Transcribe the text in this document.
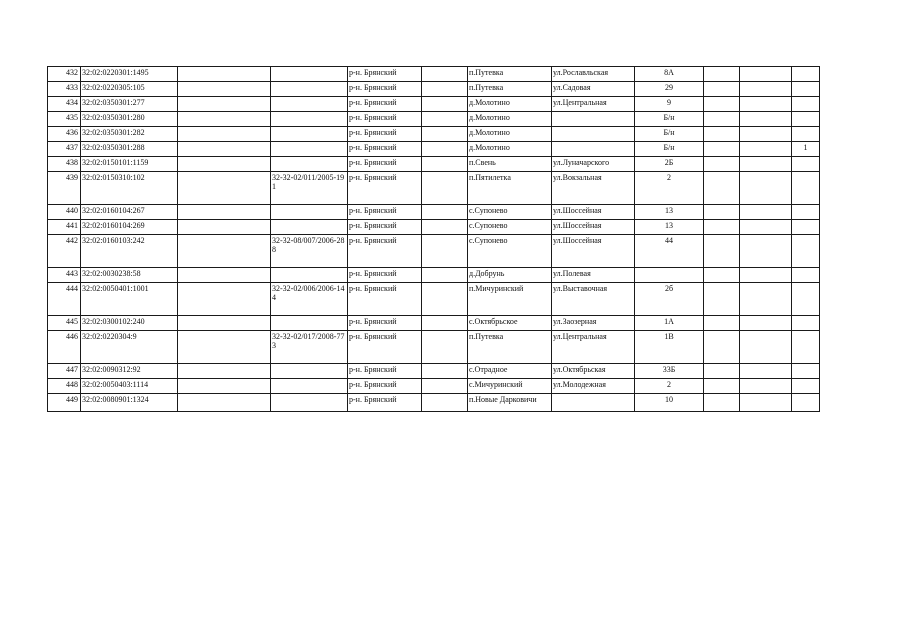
432	32:02:0220301:1495			р-н. Брянский		п.Путевка	ул.Рославльская	8А			
433	32:02:0220305:105			р-н. Брянский		п.Путевка	ул.Садовая	29			
434	32:02:0350301:277			р-н. Брянский		д.Молотино	ул.Центральная	9			
435	32:02:0350301:280			р-н. Брянский		д.Молотино		Б/н			
436	32:02:0350301:282			р-н. Брянский		д.Молотино		Б/н			
437	32:02:0350301:288			р-н. Брянский		д.Молотино		Б/н			1
438	32:02:0150101:1159			р-н. Брянский		п.Свень	ул.Луначарского	2Б			
439	32:02:0150310:102		32-32-02/011/2005-191	р-н. Брянский		п.Пятилетка	ул.Вокзальная	2			
440	32:02:0160104:267			р-н. Брянский		с.Супонево	ул.Шоссейная	13			
441	32:02:0160104:269			р-н. Брянский		с.Супонево	ул.Шоссейная	13			
442	32:02:0160103:242		32-32-08/007/2006-288	р-н. Брянский		с.Супонево	ул.Шоссейная	44			
443	32:02:0030238:58			р-н. Брянский		д.Добрунь	ул.Полевая				
444	32:02:0050401:1001		32-32-02/006/2006-144	р-н. Брянский		п.Мичуринский	ул.Выставочная	2б			
445	32:02:0300102:240			р-н. Брянский		с.Октябрьское	ул.Заозерная	1А			
446	32:02:0220304:9		32-32-02/017/2008-773	р-н. Брянский		п.Путевка	ул.Центральная	1В			
447	32:02:0090312:92			р-н. Брянский		с.Отрадное	ул.Октябрьская	33Б			
448	32:02:0050403:1114			р-н. Брянский		с.Мичуринский	ул.Молодежная	2			
449	32:02:0080901:1324			р-н. Брянский		п.Новые Дарковичи		10			
